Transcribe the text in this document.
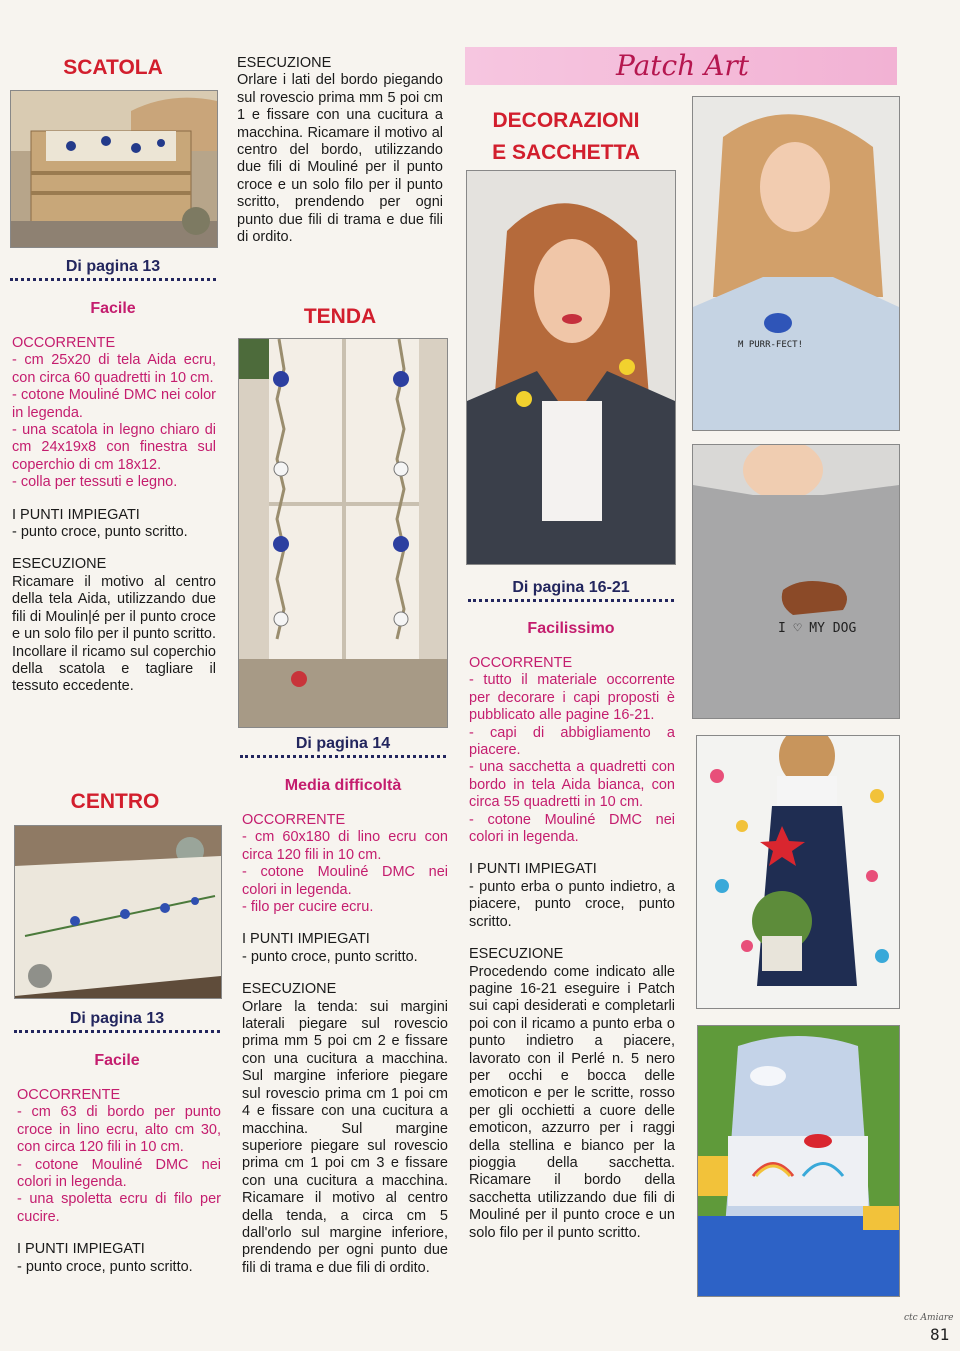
SCATOLA
Di pagina 13
Facile
OCCORRENTE
- cm 25x20 di tela Aida ecru, con circa 60 quadretti in 10 cm.
- cotone Mouliné DMC nei color in legenda.
- una scatola in legno chiaro di cm 24x19x8 con finestra sul coperchio di cm 18x12.
- colla per tessuti e legno.
I PUNTI IMPIEGATI
- punto croce, punto scritto.
ESECUZIONE
Ricamare il motivo al centro della tela Aida, utilizzando due fili di Moulin|é per il punto croce e un solo filo per il punto scritto. Incollare il ricamo sul coperchio della scatola e tagliare il tessuto eccedente.
CENTRO
Di pagina 13
Facile
OCCORRENTE
- cm 63 di bordo per punto croce in lino ecru, alto cm 30, con circa 120 fili in 10 cm.
- cotone Mouliné DMC nei colori in legenda.
- una spoletta ecru di filo per cucire.
I PUNTI IMPIEGATI
- punto croce, punto scritto.
ESECUZIONE
Orlare i lati del bordo piegando sul rovescio prima mm 5 poi cm 1 e fissare con una cucitura a macchina. Ricamare il motivo al centro del bordo, utilizzando due fili di Mouliné per il punto croce e un solo filo per il punto scritto, prendendo per ogni punto due fili di trama e due fili di ordito.
TENDA
Di pagina 14
Media difficoltà
OCCORRENTE
- cm 60x180 di lino ecru con circa 120 fili in 10 cm.
- cotone Mouliné DMC nei colori in legenda.
- filo per cucire ecru.
I PUNTI IMPIEGATI
- punto croce, punto scritto.
ESECUZIONE
Orlare la tenda: sui margini laterali piegare sul rovescio prima mm 5 poi cm 2 e fissare con una cucitura a macchina. Sul margine inferiore piegare sul rovescio prima cm 1 poi cm 4 e fissare con una cucitura a macchina. Sul margine superiore piegare sul rovescio prima cm 1 poi cm 3 e fissare con una cucitura a macchina. Ricamare il motivo al centro della tenda, a circa cm 5 dall'orlo sul margine inferiore, prendendo per ogni punto due fili di trama e due fili di ordito.
Patch Art
DECORAZIONI
E SACCHETTA
M PURR-FECT!
I ♡ MY DOG
Di pagina 16-21
Facilissimo
OCCORRENTE
- tutto il materiale occorrente per decorare i capi proposti è pubblicato alle pagine 16-21.
- capi di abbigliamento a piacere.
- una sacchetta a quadretti con bordo in tela Aida bianca, con circa 55 quadretti in 10 cm.
- cotone Mouliné DMC nei colori in legenda.
I PUNTI IMPIEGATI
- punto erba o punto indietro, a piacere, punto croce, punto scritto.
ESECUZIONE
Procedendo come indicato alle pagine 16-21 eseguire i Patch sui capi desiderati e completarli poi con il ricamo a punto erba o punto indietro a piacere, lavorato con il Perlé n. 5 nero per occhi e bocca delle emoticon e per le scritte, rosso per gli occhietti a cuore delle emoticon, azzurro per i raggi della stellina e bianco per la pioggia della sacchetta. Ricamare il bordo della sacchetta utilizzando due fili di Mouliné per il punto croce e un solo filo per il punto scritto.
ctc Amiare
81
